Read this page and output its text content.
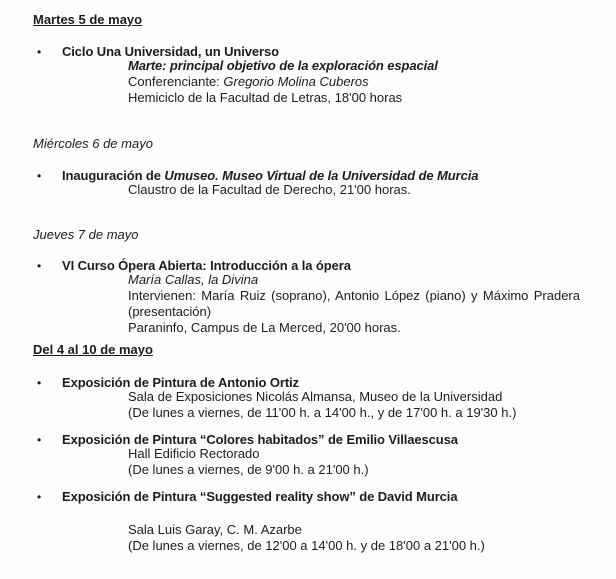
Martes 5 de mayo
•	Ciclo Una Universidad, un Universo
Marte: principal objetivo de la exploración espacial
Conferenciante: Gregorio Molina Cuberos
Hemiciclo de la Facultad de Letras, 18'00 horas
Miércoles 6 de mayo
•	Inauguración de Umuseo. Museo Virtual de la Universidad de Murcia
Claustro de la Facultad de Derecho, 21'00 horas.
Jueves 7 de mayo
•	VI Curso Ópera Abierta: Introducción a la ópera
María Callas, la Divina
Intervienen: María Ruiz (soprano), Antonio López (piano) y Máximo Pradera
(presentación)
Paraninfo, Campus de La Merced, 20'00 horas.
Del 4 al 10 de mayo
•	Exposición de Pintura de Antonio Ortiz
Sala de Exposiciones Nicolás Almansa, Museo de la Universidad
(De lunes a viernes, de 11'00 h. a 14'00 h., y de 17'00 h. a 19'30 h.)
•	Exposición de Pintura “Colores habitados” de Emilio Villaescusa
Hall Edificio Rectorado
(De lunes a viernes, de 9'00 h. a 21'00 h.)
•	Exposición de Pintura “Suggested reality show” de David Murcia
Sala Luis Garay, C. M. Azarbe
(De lunes a viernes, de 12'00 a 14'00 h. y de 18'00 a 21'00 h.)
